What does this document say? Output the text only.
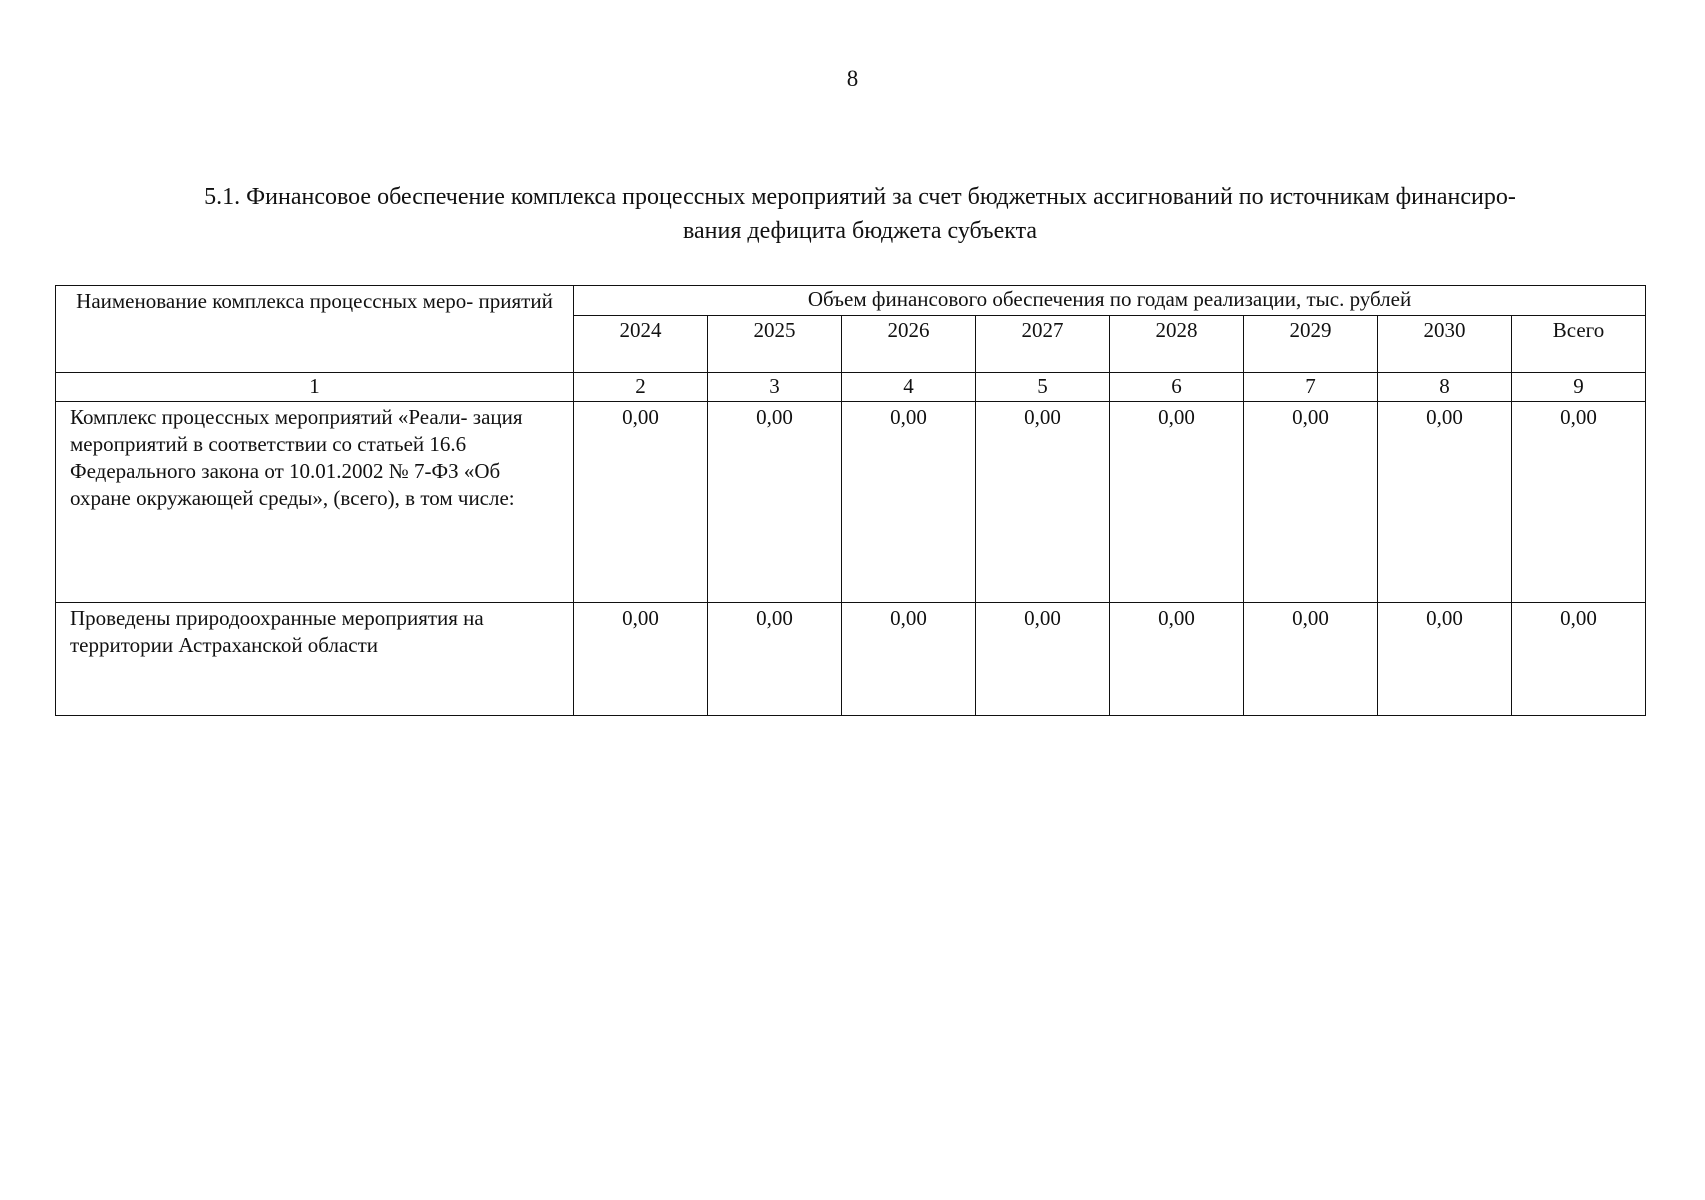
8
5.1. Финансовое обеспечение комплекса процессных мероприятий за счет бюджетных ассигнований по источникам финансиро-
вания дефицита бюджета субъекта
Наименование комплекса процессных меро- приятий	Объем финансового обеспечения по годам реализации, тыс. рублей							
	2024	2025	2026	2027	2028	2029	2030	Всего
1	2	3	4	5	6	7	8	9
Комплекс процессных мероприятий «Реали- зация мероприятий в соответствии со статьей 16.6 Федерального закона от 10.01.2002 № 7-ФЗ «Об охране окружающей среды», (всего), в том числе:	0,00	0,00	0,00	0,00	0,00	0,00	0,00	0,00
Проведены природоохранные мероприятия на территории Астраханской области	0,00	0,00	0,00	0,00	0,00	0,00	0,00	0,00
